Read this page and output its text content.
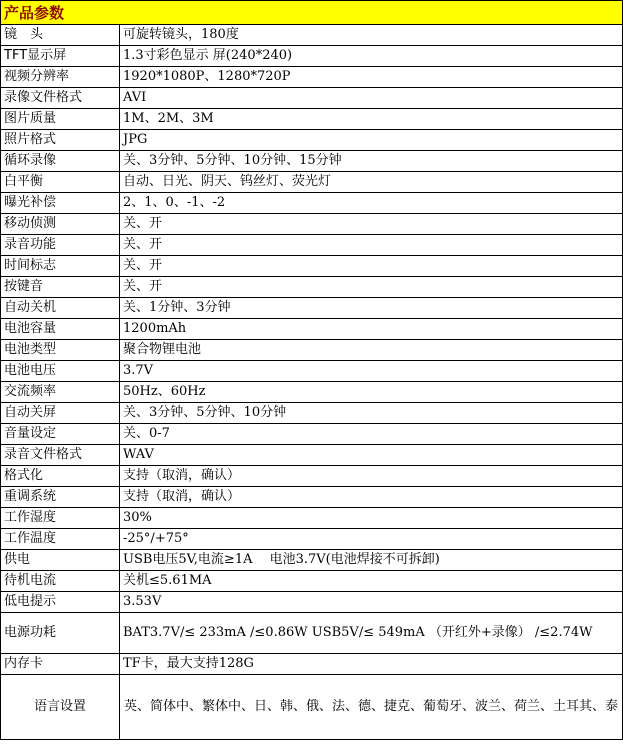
产品参数	
镜　头	可旋转镜头，180度
TFT显示屏	1.3寸彩色显示 屏(240*240)
视频分辨率	1920*1080P、1280*720P
录像文件格式	AVI
图片质量	1M、2M、3M
照片格式	JPG
循环录像	关、3分钟、5分钟、10分钟、15分钟
白平衡	自动、日光、阴天、钨丝灯、荧光灯
曝光补偿	2、1、0、-1、-2
移动侦测	关、开
录音功能	关、开
时间标志	关、开
按键音	关、开
自动关机	关、1分钟、3分钟
电池容量	1200mAh
电池类型	聚合物锂电池
电池电压	3.7V
交流频率	50Hz、60Hz
自动关屏	关、3分钟、5分钟、10分钟
音量设定	关、0-7
录音文件格式	WAV
格式化	支持（取消，确认）
重调系统	支持（取消，确认）
工作湿度	30%
工作温度	-25°/+75°
供电	USB电压5V,电流≥1A　 电池3.7V(电池焊接不可拆卸)
待机电流	关机≤5.61MA
低电提示	3.53V
电源功耗	BAT3.7V/≤ 233mA /≤0.86W USB5V/≤ 549mA （开红外+录像） /≤2.74W
内存卡	TF卡，最大支持128G
语言设置	英、简体中、繁体中、日、韩、俄、法、德、捷克、葡萄牙、波兰、荷兰、土耳其、泰
